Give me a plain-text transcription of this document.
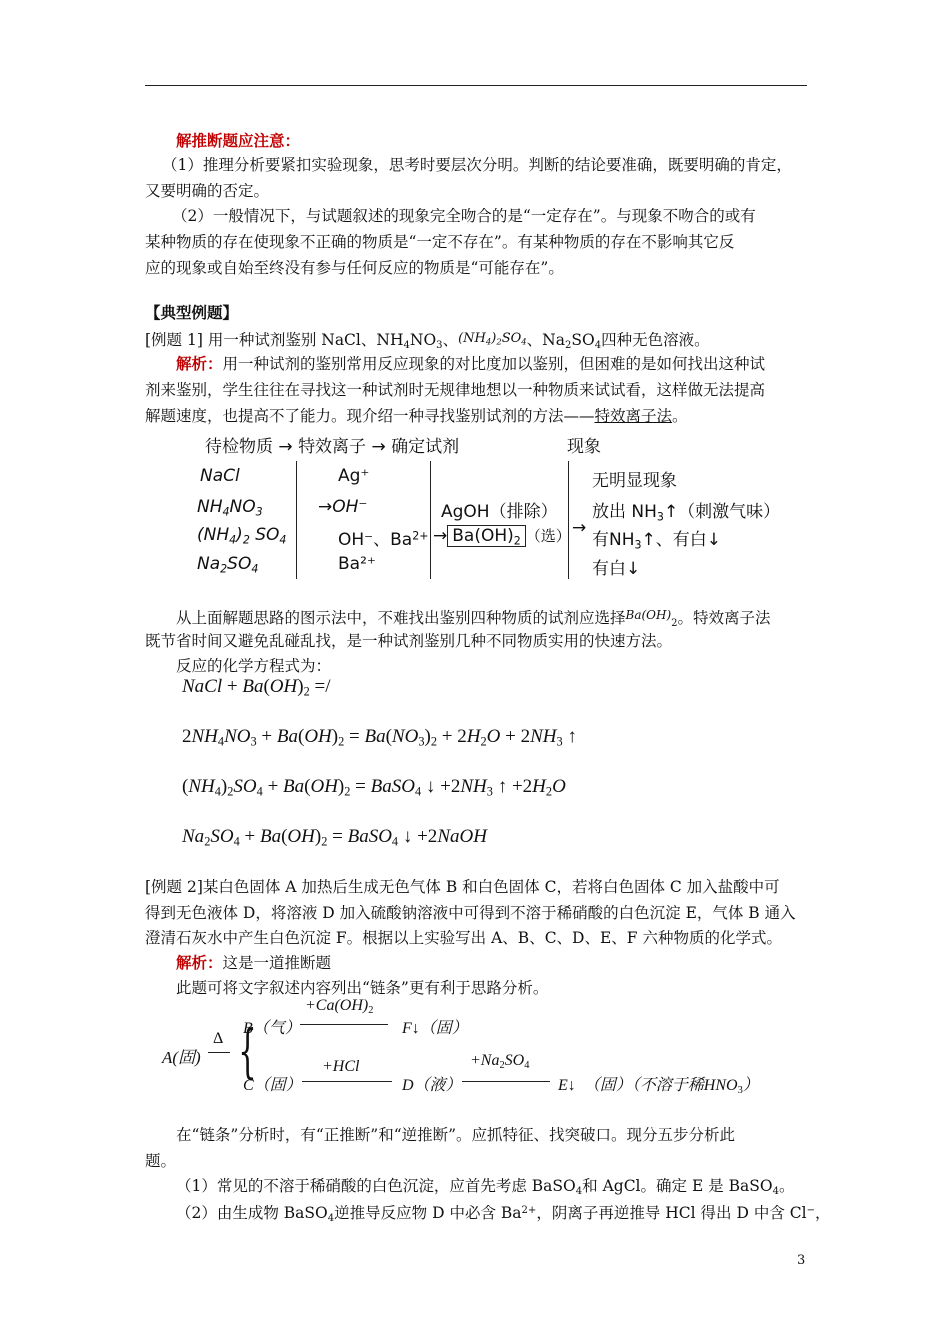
解推断题应注意：
（1）推理分析要紧扣实验现象，思考时要层次分明。判断的结论要准确，既要明确的肯定，
又要明确的否定。
（2）一般情况下，与试题叙述的现象完全吻合的是“一定存在”。与现象不吻合的或有
某种物质的存在使现象不正确的物质是“一定不存在”。有某种物质的存在不影响其它反
应的现象或自始至终没有参与任何反应的物质是“可能存在”。
【典型例题】
[例题 1] 用一种试剂鉴别 NaCl、$NH_4NO_3$、$(NH_4)_2SO_4$、$Na_2SO_4$四种无色溶液。
解析：用一种试剂的鉴别常用反应现象的对比度加以鉴别，但困难的是如何找出这种试
剂来鉴别，学生往往在寻找这一种试剂时无规律地想以一种物质来试试看，这样做无法提高
解题速度，也提高不了能力。现介绍一种寻找鉴别试剂的方法——特效离子法。
待检物质 → 特效离子 → 确定试剂	现象
NaCl
$NH_4NO_3$
$(NH_4)_2$ $SO_4$
$Na_2SO_4$
Ag⁺
→OH⁻
OH⁻、$Ba^{2+}$
Ba²⁺
AgOH（排除）
→ $Ba(OH)_2$ （选）
无明显现象
放出 $NH_3↑$（刺激气味）
→
有$NH_3↑$、有白↓
有白↓
从上面解题思路的图示法中，不难找出鉴别四种物质的试剂应选择$^{Ba(OH)}_2$。特效离子法
既节省时间又避免乱碰乱找，是一种试剂鉴别几种不同物质实用的快速方法。
反应的化学方程式为：
NaCl + $Ba(OH)_2$ =/
$2NH_4NO_3 + Ba(OH)_2 = Ba(NO_3)_2 + 2H_2O + 2NH_3$ ↑
$(NH_4)_2SO_4 + Ba(OH)_2$ = BaSO$_4$ ↓ $+2NH_3$ ↑ $+2H_2O$
$Na_2SO_4 + Ba(OH)_2$ = BaSO$_4$ ↓ +2NaOH
[例题 2]某白色固体 A 加热后生成无色气体 B 和白色固体 C，若将白色固体 C 加入盐酸中可
得到无色液体 D，将溶液 D 加入硫酸钠溶液中可得到不溶于稀硝酸的白色沉淀 E，气体 B 通入
澄清石灰水中产生白色沉淀 F。根据以上实验写出 A、B、C、D、E、F 六种物质的化学式。
解析：这是一道推断题
此题可将文字叙述内容列出“链条”更有利于思路分析。
A(固)
Δ {
B（气）
$+Ca(OH)_2$
F↓（固）
C（固）
+HCl
D（液）
$+Na_2SO_4$
E↓　（固）（不溶于稀$HNO_3$）
在“链条”分析时，有“正推断”和“逆推断”。应抓特征、找突破口。现分五步分析此
题。
（1）常见的不溶于稀硝酸的白色沉淀，应首先考虑 BaSO$_4$和 AgCl。确定 E 是 BaSO$_4$。
（2）由生成物 BaSO$_4$逆推导反应物 D 中必含 $Ba^{2+}$，阴离子再逆推导 HCl 得出 D 中含 Cl−，
3
